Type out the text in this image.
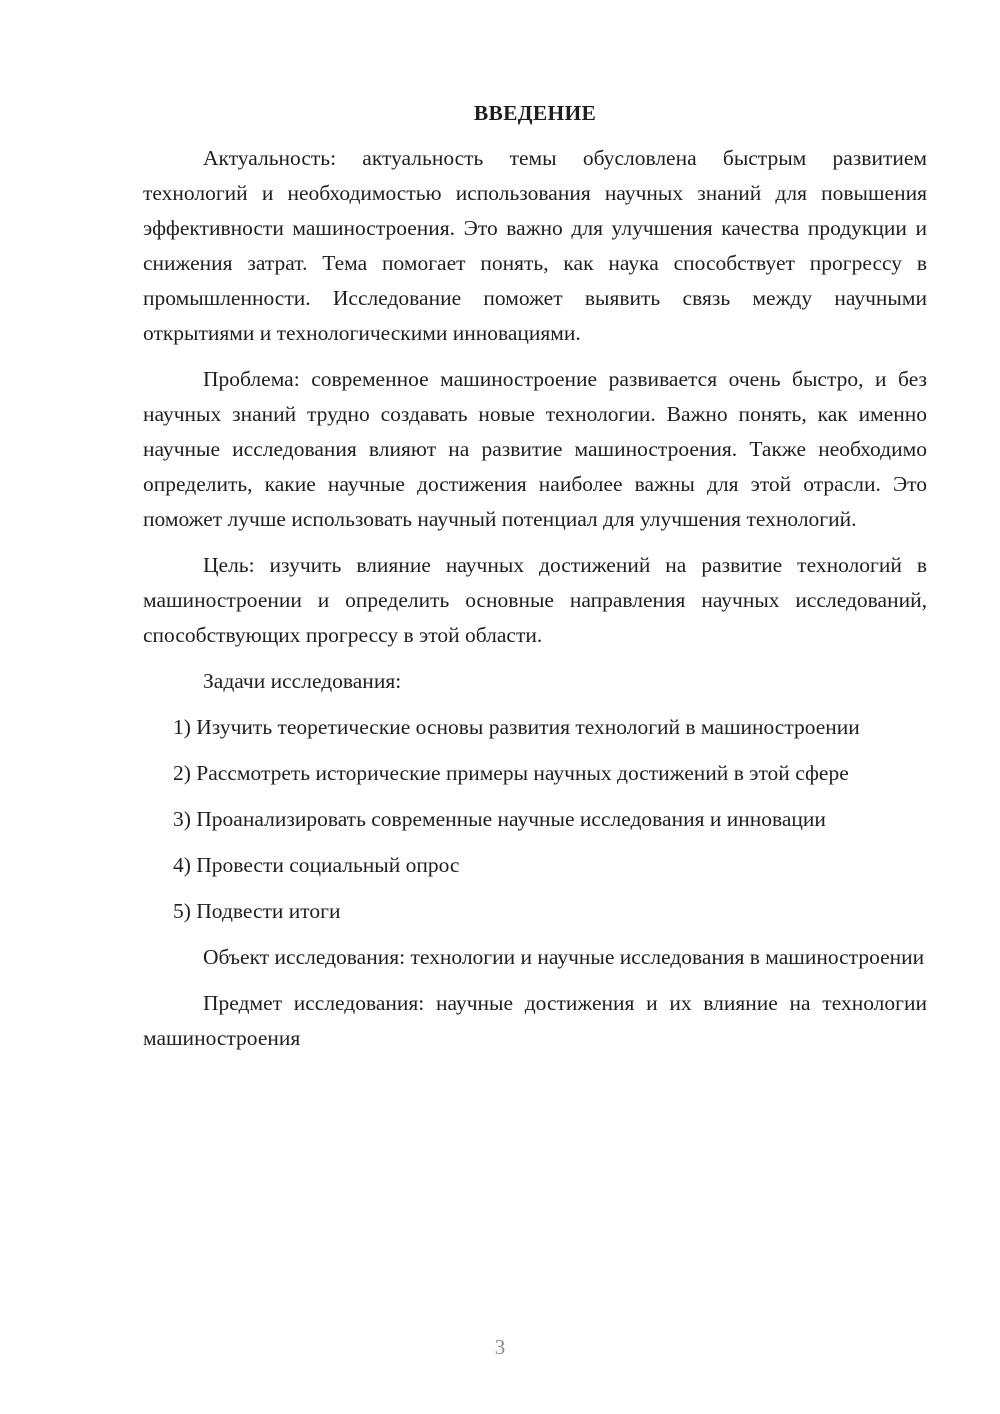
ВВЕДЕНИЕ

Актуальность: актуальность темы обусловлена быстрым развитием технологий и необходимостью использования научных знаний для повышения эффективности машиностроения. Это важно для улучшения качества продукции и снижения затрат. Тема помогает понять, как наука способствует прогрессу в промышленности. Исследование поможет выявить связь между научными открытиями и технологическими инновациями.

Проблема: современное машиностроение развивается очень быстро, и без научных знаний трудно создавать новые технологии. Важно понять, как именно научные исследования влияют на развитие машиностроения. Также необходимо определить, какие научные достижения наиболее важны для этой отрасли. Это поможет лучше использовать научный потенциал для улучшения технологий.

Цель: изучить влияние научных достижений на развитие технологий в машиностроении и определить основные направления научных исследований, способствующих прогрессу в этой области.

Задачи исследования:

1) Изучить теоретические основы развития технологий в машиностроении

2) Рассмотреть исторические примеры научных достижений в этой сфере

3) Проанализировать современные научные исследования и инновации

4) Провести социальный опрос

5) Подвести итоги

Объект исследования: технологии и научные исследования в машиностроении

Предмет исследования: научные достижения и их влияние на технологии машиностроения

3
